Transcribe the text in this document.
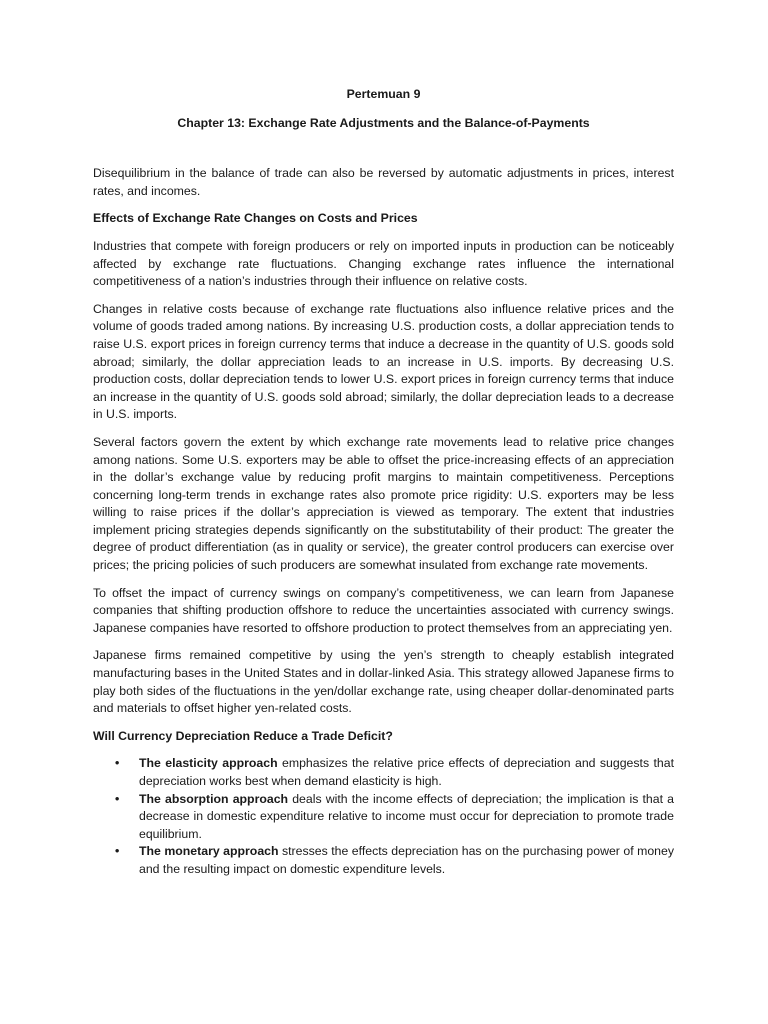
Pertemuan 9

Chapter 13: Exchange Rate Adjustments and the Balance-of-Payments

Disequilibrium in the balance of trade can also be reversed by automatic adjustments in prices, interest rates, and incomes.

Effects of Exchange Rate Changes on Costs and Prices

Industries that compete with foreign producers or rely on imported inputs in production can be noticeably affected by exchange rate fluctuations. Changing exchange rates influence the international competitiveness of a nation’s industries through their influence on relative costs.

Changes in relative costs because of exchange rate fluctuations also influence relative prices and the volume of goods traded among nations. By increasing U.S. production costs, a dollar appreciation tends to raise U.S. export prices in foreign currency terms that induce a decrease in the quantity of U.S. goods sold abroad; similarly, the dollar appreciation leads to an increase in U.S. imports. By decreasing U.S. production costs, dollar depreciation tends to lower U.S. export prices in foreign currency terms that induce an increase in the quantity of U.S. goods sold abroad; similarly, the dollar depreciation leads to a decrease in U.S. imports.

Several factors govern the extent by which exchange rate movements lead to relative price changes among nations. Some U.S. exporters may be able to offset the price-increasing effects of an appreciation in the dollar’s exchange value by reducing profit margins to maintain competitiveness. Perceptions concerning long-term trends in exchange rates also promote price rigidity: U.S. exporters may be less willing to raise prices if the dollar’s appreciation is viewed as temporary. The extent that industries implement pricing strategies depends significantly on the substitutability of their product: The greater the degree of product differentiation (as in quality or service), the greater control producers can exercise over prices; the pricing policies of such producers are somewhat insulated from exchange rate movements.

To offset the impact of currency swings on company’s competitiveness, we can learn from Japanese companies that shifting production offshore to reduce the uncertainties associated with currency swings. Japanese companies have resorted to offshore production to protect themselves from an appreciating yen.

Japanese firms remained competitive by using the yen’s strength to cheaply establish integrated manufacturing bases in the United States and in dollar-linked Asia. This strategy allowed Japanese firms to play both sides of the fluctuations in the yen/dollar exchange rate, using cheaper dollar-denominated parts and materials to offset higher yen-related costs.

Will Currency Depreciation Reduce a Trade Deficit?

• The elasticity approach emphasizes the relative price effects of depreciation and suggests that depreciation works best when demand elasticity is high.
• The absorption approach deals with the income effects of depreciation; the implication is that a decrease in domestic expenditure relative to income must occur for depreciation to promote trade equilibrium.
• The monetary approach stresses the effects depreciation has on the purchasing power of money and the resulting impact on domestic expenditure levels.
